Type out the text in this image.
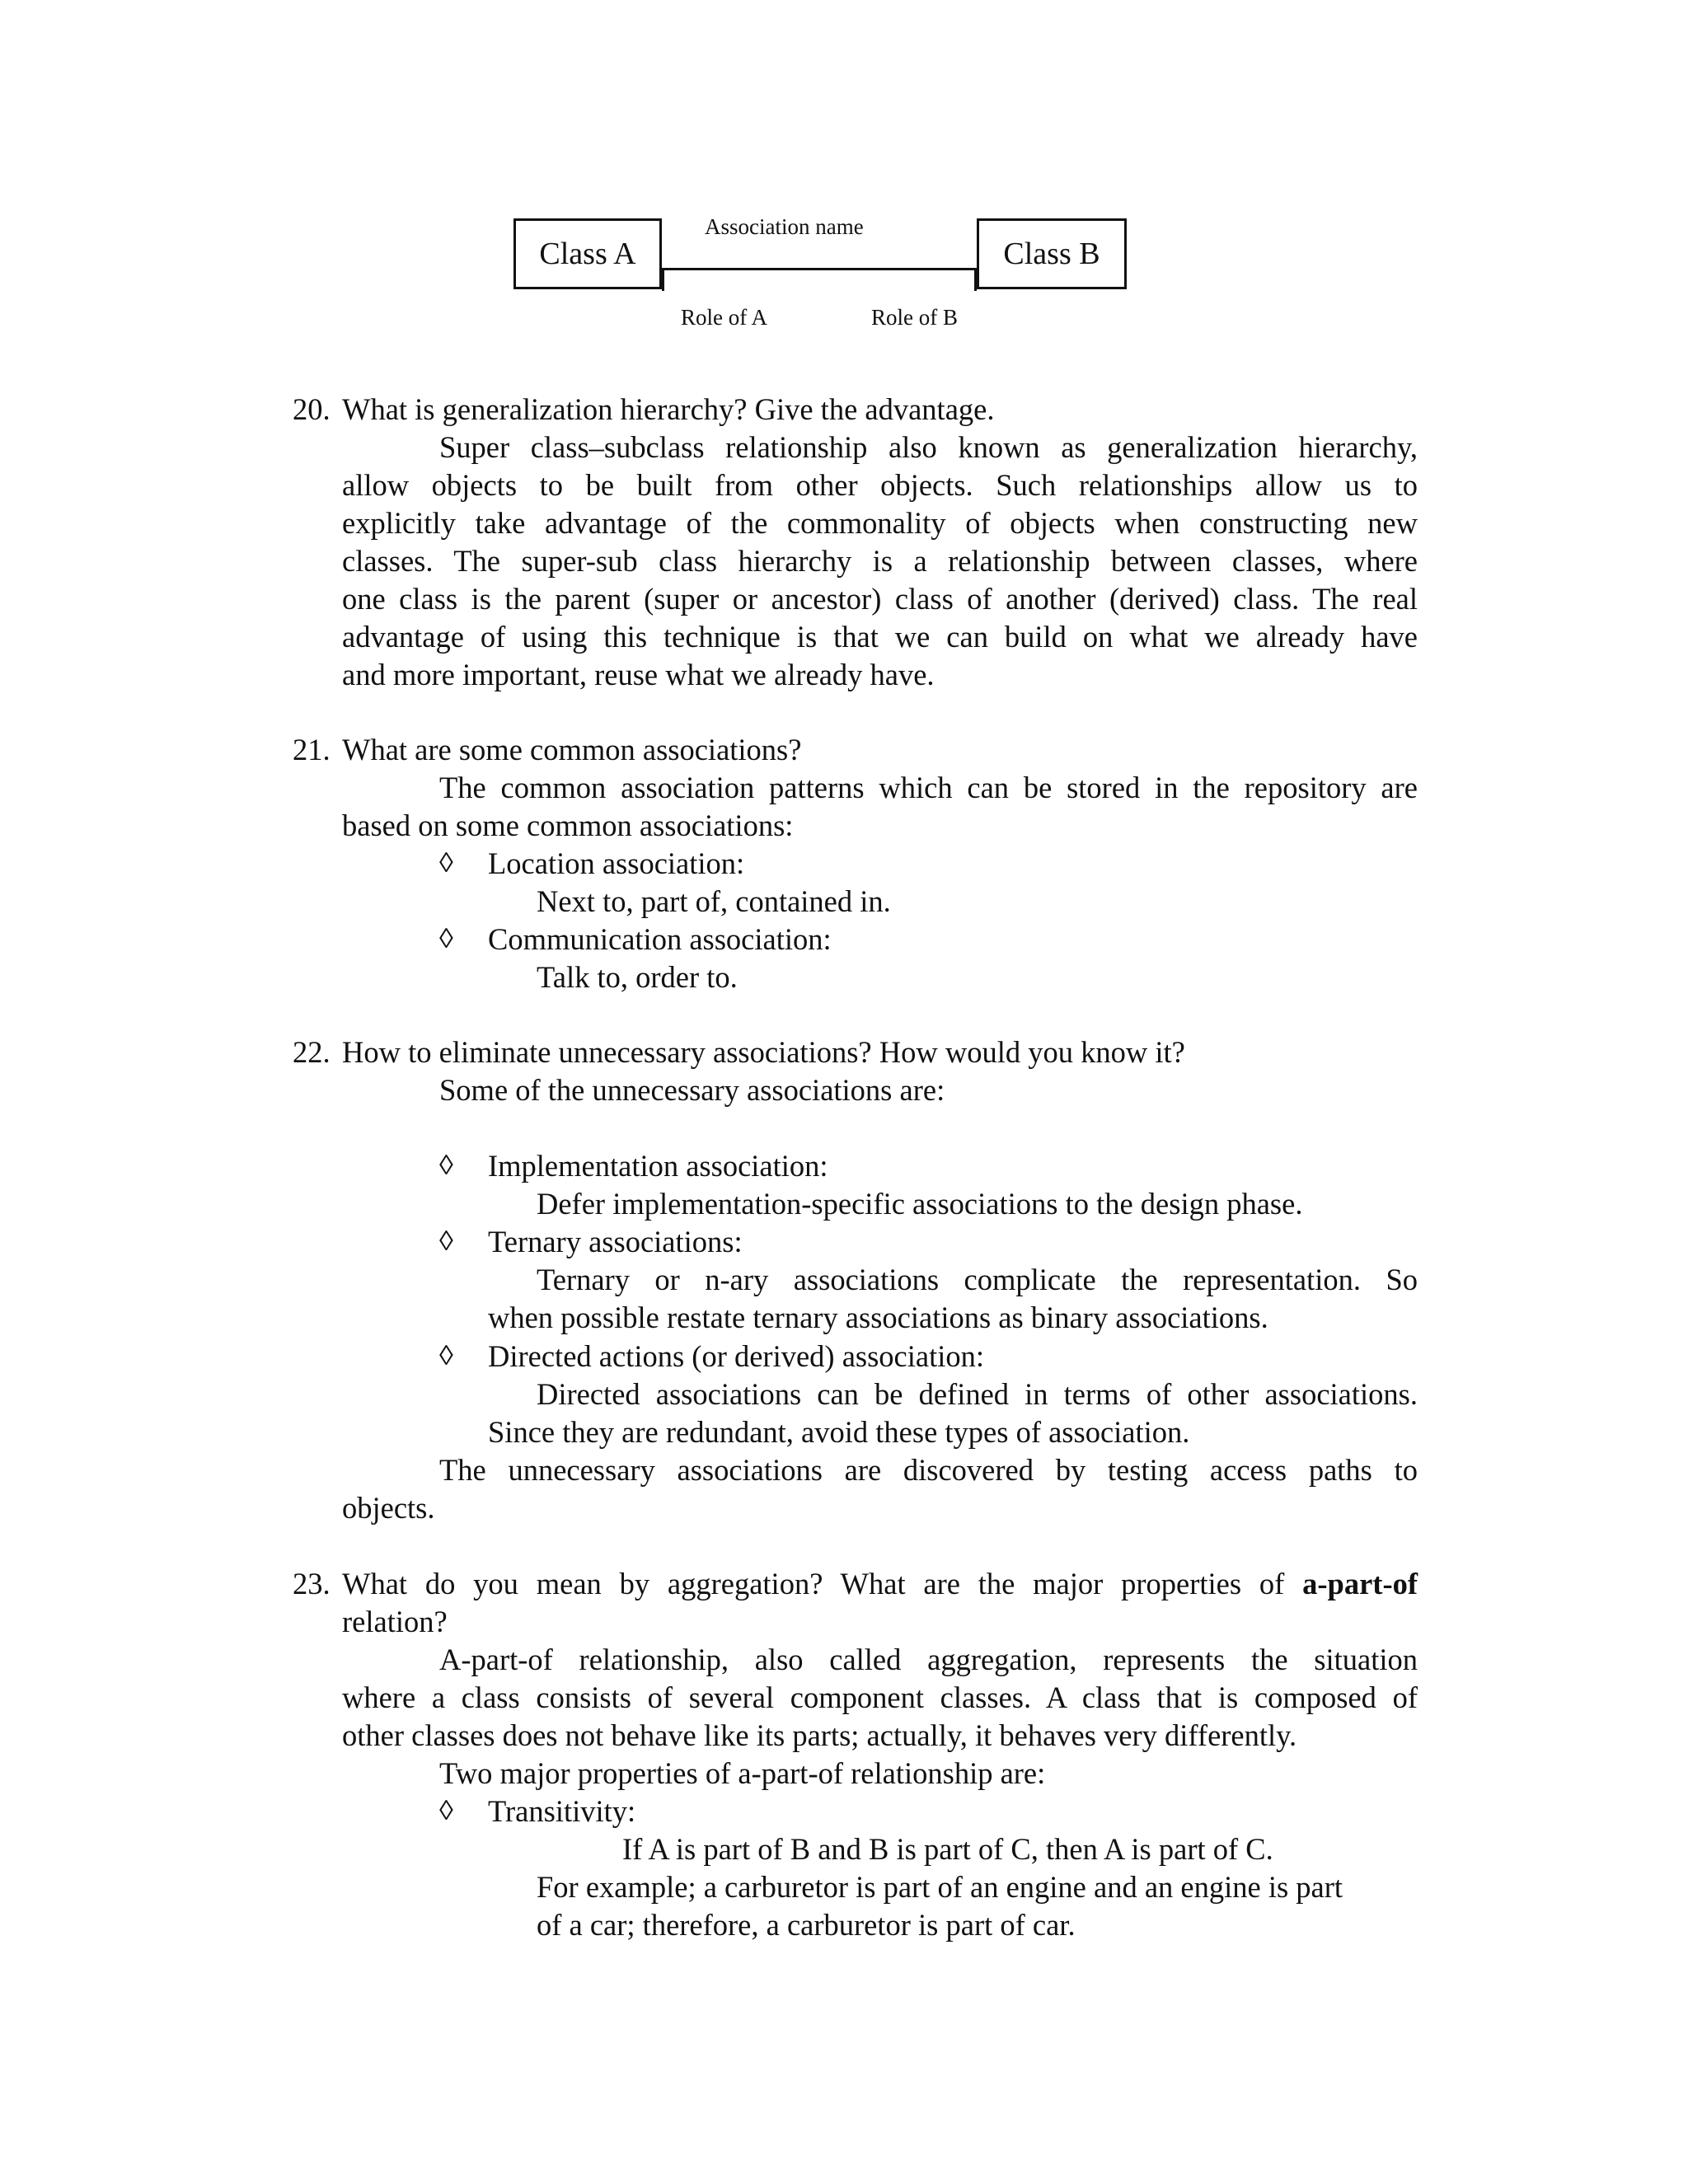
Class A	Class B
Association name
Role of A	Role of B
20. What is generalization hierarchy? Give the advantage.
Super class–subclass relationship also known as generalization hierarchy,
allow objects to be built from other objects. Such relationships allow us to
explicitly take advantage of the commonality of objects when constructing new
classes. The super-sub class hierarchy is a relationship between classes, where
one class is the parent (super or ancestor) class of another (derived) class. The real
advantage of using this technique is that we can build on what we already have
and more important, reuse what we already have.
21. What are some common associations?
The common association patterns which can be stored in the repository are
based on some common associations:
◊ Location association:
Next to, part of, contained in.
◊ Communication association:
Talk to, order to.
22. How to eliminate unnecessary associations? How would you know it?
Some of the unnecessary associations are:
◊ Implementation association:
Defer implementation-specific associations to the design phase.
◊ Ternary associations:
Ternary or n-ary associations complicate the representation. So
when possible restate ternary associations as binary associations.
◊ Directed actions (or derived) association:
Directed associations can be defined in terms of other associations.
Since they are redundant, avoid these types of association.
The unnecessary associations are discovered by testing access paths to
objects.
23. What do you mean by aggregation? What are the major properties of a-part-of
relation?
A-part-of relationship, also called aggregation, represents the situation
where a class consists of several component classes. A class that is composed of
other classes does not behave like its parts; actually, it behaves very differently.
Two major properties of a-part-of relationship are:
◊ Transitivity:
If A is part of B and B is part of C, then A is part of C.
For example; a carburetor is part of an engine and an engine is part
of a car; therefore, a carburetor is part of car.
